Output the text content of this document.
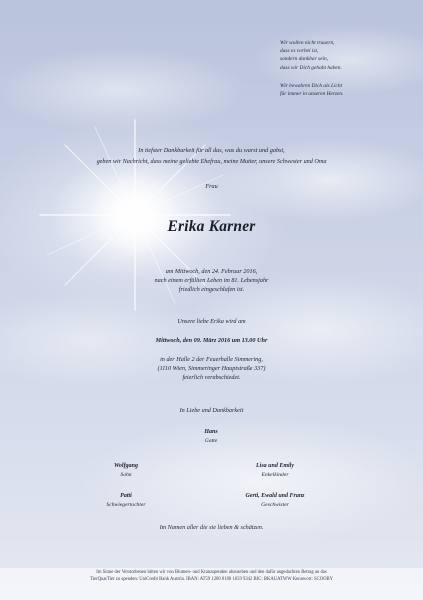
Wir wollen nicht trauern,
dass es vorbei ist,
sondern dankbar sein,
dass wir Dich gehabt haben.
Wir bewahren Dich als Licht
für immer in unseren Herzen.
In tiefster Dankbarkeit für all das, was du warst und gabst,
geben wir Nachricht, dass meine geliebte Ehefrau, meine Mutter, unsere Schwester und Oma
Frau
Erika Karner
am Mittwoch, den 24. Februar 2016,
nach einem erfüllten Leben im 81. Lebensjahr
friedlich eingeschlafen ist.
Unsere liebe Erika wird am
Mittwoch, den 09. März 2016 um 13.00 Uhr
in der Halle 2 der Feuerhalle Simmering,
(1110 Wien, Simmeringer Hauptstraße 337)
feierlich verabschiedet.
In Liebe und Dankbarkeit
Hans
Gatte
Wolfgang
Sohn
Lisa und Emily
Enkelkinder
Patti
Schwiegertochter
Gerti, Ewald und Franz
Geschwister
Im Namen aller die sie lieben & schätzen.
Im Sinne der Verstorbenen bitten wir von Blumen- und Kranzspenden abzusehen und den dafür angedachten Betrag an das
TierQuarTier zu spenden: UniCredit Bank Austria. IBAN: AT59 1200 0100 1659 9342 BIC: BKAUATWW Kennwort: SCOOBY
